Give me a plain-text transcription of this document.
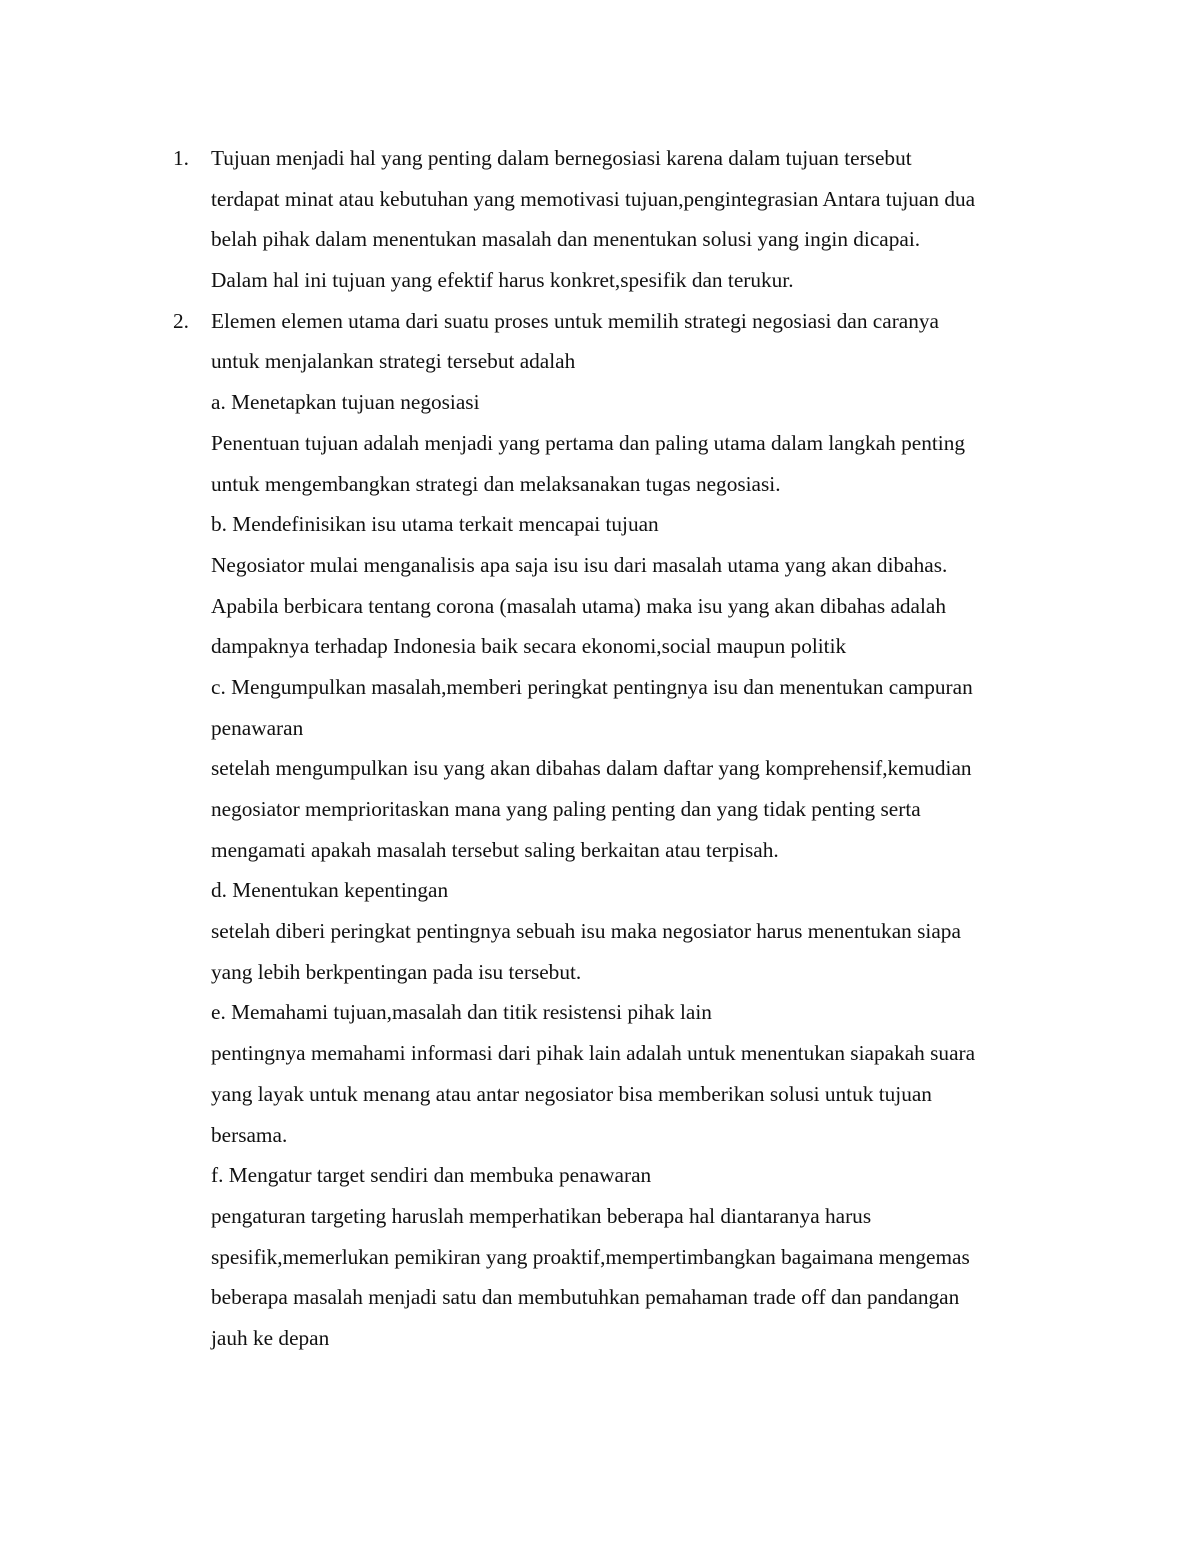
1. Tujuan menjadi hal yang penting dalam bernegosiasi karena dalam tujuan tersebut
terdapat minat atau kebutuhan yang memotivasi tujuan,pengintegrasian Antara tujuan dua
belah pihak dalam menentukan masalah dan menentukan solusi yang ingin dicapai.
Dalam hal ini tujuan yang efektif harus konkret,spesifik dan terukur.
2. Elemen elemen utama dari suatu proses untuk memilih strategi negosiasi dan caranya
untuk menjalankan strategi tersebut adalah
a. Menetapkan tujuan negosiasi
Penentuan tujuan adalah menjadi yang pertama dan paling utama dalam langkah penting
untuk mengembangkan strategi dan melaksanakan tugas negosiasi.
b. Mendefinisikan isu utama terkait mencapai tujuan
Negosiator mulai menganalisis apa saja isu isu dari masalah utama yang akan dibahas.
Apabila berbicara tentang corona (masalah utama) maka isu yang akan dibahas adalah
dampaknya terhadap Indonesia baik secara ekonomi,social maupun politik
c. Mengumpulkan masalah,memberi peringkat pentingnya isu dan menentukan campuran
penawaran
setelah mengumpulkan isu yang akan dibahas dalam daftar yang komprehensif,kemudian
negosiator memprioritaskan mana yang paling penting dan yang tidak penting serta
mengamati apakah masalah tersebut saling berkaitan atau terpisah.
d. Menentukan kepentingan
setelah diberi peringkat pentingnya sebuah isu maka negosiator harus menentukan siapa
yang lebih berkpentingan pada isu tersebut.
e. Memahami tujuan,masalah dan titik resistensi pihak lain
pentingnya memahami informasi dari pihak lain adalah untuk menentukan siapakah suara
yang layak untuk menang atau antar negosiator bisa memberikan solusi untuk tujuan
bersama.
f. Mengatur target sendiri dan membuka penawaran
pengaturan targeting haruslah memperhatikan beberapa hal diantaranya harus
spesifik,memerlukan pemikiran yang proaktif,mempertimbangkan bagaimana mengemas
beberapa masalah menjadi satu dan membutuhkan pemahaman trade off dan pandangan
jauh ke depan
